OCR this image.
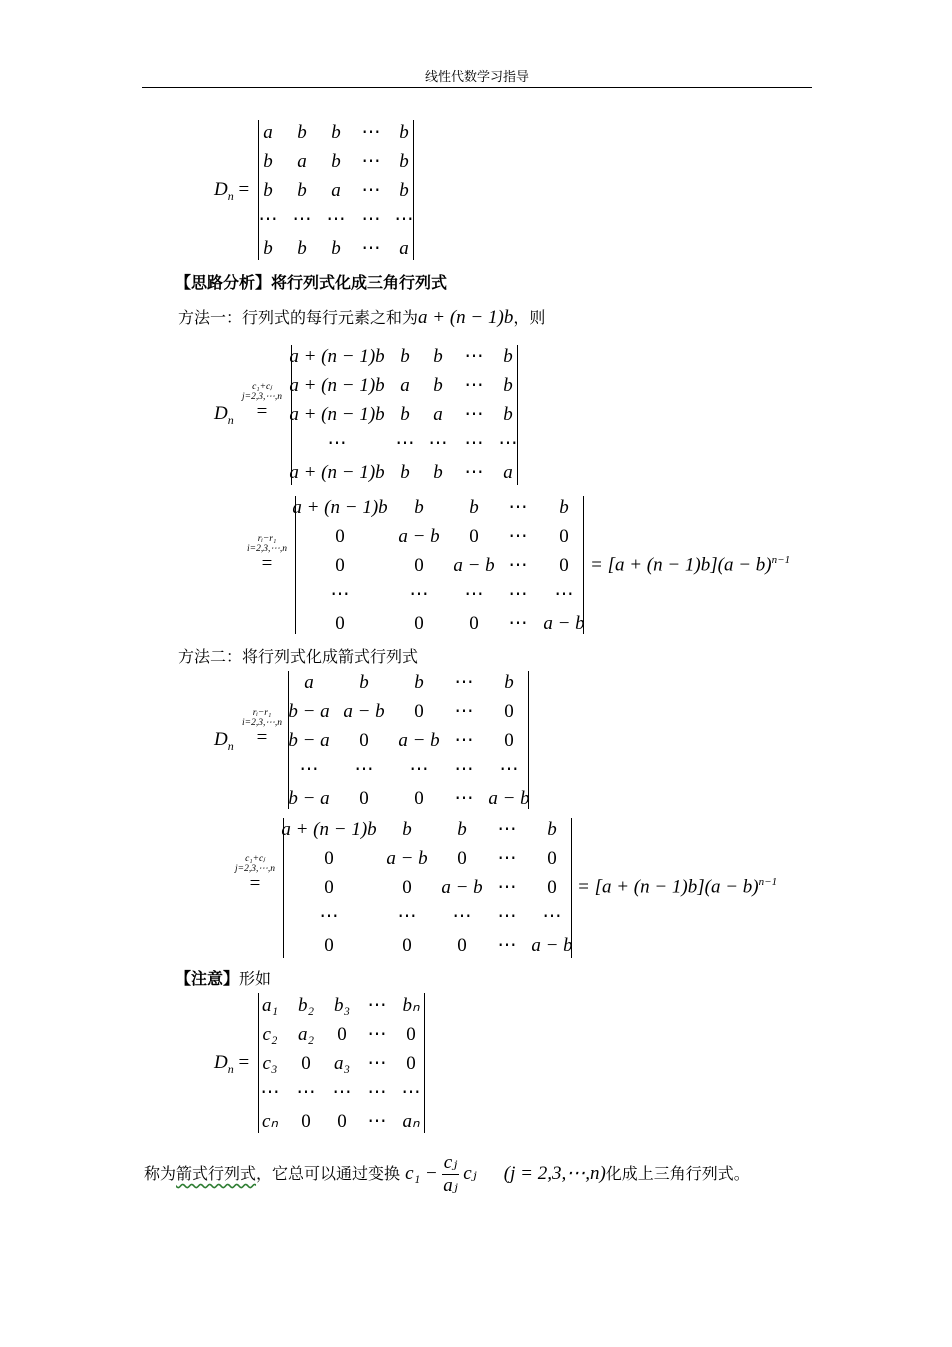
线性代数学习指导
$D_n$ =
a b b ⋯ b
b a b ⋯ b
b b a ⋯ b
⋯ ⋯ ⋯ ⋯ ⋯
b b b ⋯ a
【思路分析】将行列式化成三角行列式
方法一：行列式的每行元素之和为a + (n − 1)b，则
$D_n$
c₁+cⱼ
j=2,3,⋯,n
=
a + (n − 1)b b b ⋯ b
a + (n − 1)b a b ⋯ b
a + (n − 1)b b a ⋯ b
⋯	⋯ ⋯ ⋯ ⋯
a + (n − 1)b b b ⋯ a
rᵢ−r₁
i=2,3,⋯,n
=
a + (n − 1)b b b ⋯ b
0	a − b 0 ⋯ 0
0	0 a − b ⋯ 0
⋯	⋯ ⋯ ⋯ ⋯
0	0 0 ⋯ a − b
= $[a + (n - 1)b](a - b)^{n-1}$
方法二：将行列式化成箭式行列式
$D_n$
rᵢ−r₁
i=2,3,⋯,n
=
a b b ⋯ b
b − a a − b 0 ⋯ 0
b − a 0 a − b ⋯ 0
⋯ ⋯ ⋯ ⋯ ⋯
b − a 0 0 ⋯ a − b
c₁+cⱼ
j=2,3,⋯,n
=
a + (n − 1)b b b ⋯ b
0	a − b 0 ⋯ 0
0	0 a − b ⋯ 0
⋯	⋯ ⋯ ⋯ ⋯
0	0 0 ⋯ a − b
= $[a + (n - 1)b](a - b)^{n-1}$
【注意】形如
$D_n$ =
a₁ b₂ b₃ ⋯ bₙ
c₂ a₂ 0 ⋯ 0
c₃ 0 a₃ ⋯ 0
⋯ ⋯ ⋯ ⋯ ⋯
cₙ 0 0 ⋯ aₙ
称为箭式行列式，它总可以通过变换 $c_1 - \frac{\text{cⱼ}}{\text{aⱼ}}$ cⱼ (j = 2,3,⋯,n)化成上三角行列式。
